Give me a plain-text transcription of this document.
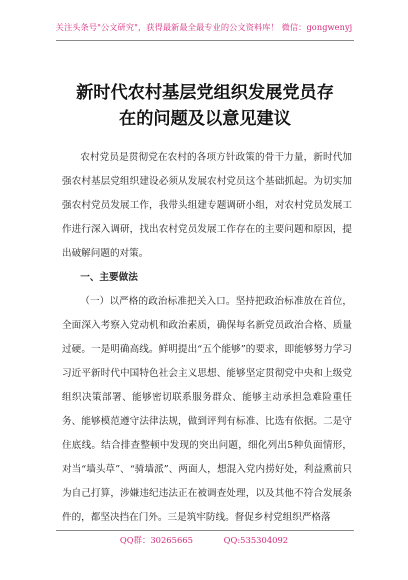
关注头条号"公文研究"，获得最新最全最专业的公文资料库！ 微信：gongwenyj
新时代农村基层党组织发展党员存
在的问题及以意见建议

农村党员是贯彻党在农村的各项方针政策的骨干力量，新时代加强农村基层党组织建设必须从发展农村党员这个基础抓起。为切实加强农村党员发展工作，我带头组建专题调研小组，对农村党员发展工作进行深入调研，找出农村党员发展工作存在的主要问题和原因，提出破解问题的对策。

一、主要做法

（一）以严格的政治标准把关入口。坚持把政治标准放在首位，全面深入考察入党动机和政治素质，确保每名新党员政治合格、质量过硬。一是明确高线。鲜明提出“五个能够”的要求，即能够努力学习习近平新时代中国特色社会主义思想、能够坚定贯彻党中央和上级党组织决策部署、能够密切联系服务群众、能够主动承担急难险重任务、能够模范遵守法律法规，做到评判有标准、比选有依据。二是守住底线。结合排查整顿中发现的突出问题，细化列出5种负面情形，对当“墙头草”、“骑墙派”、两面人，想混入党内捞好处，利益熏前只为自己打算，涉嫌违纪违法正在被调查处理，以及其他不符合发展条件的，都坚决挡在门外。三是筑牢防线。督促乡村党组织严格落

QQ群：30265665	QQ:535304092
